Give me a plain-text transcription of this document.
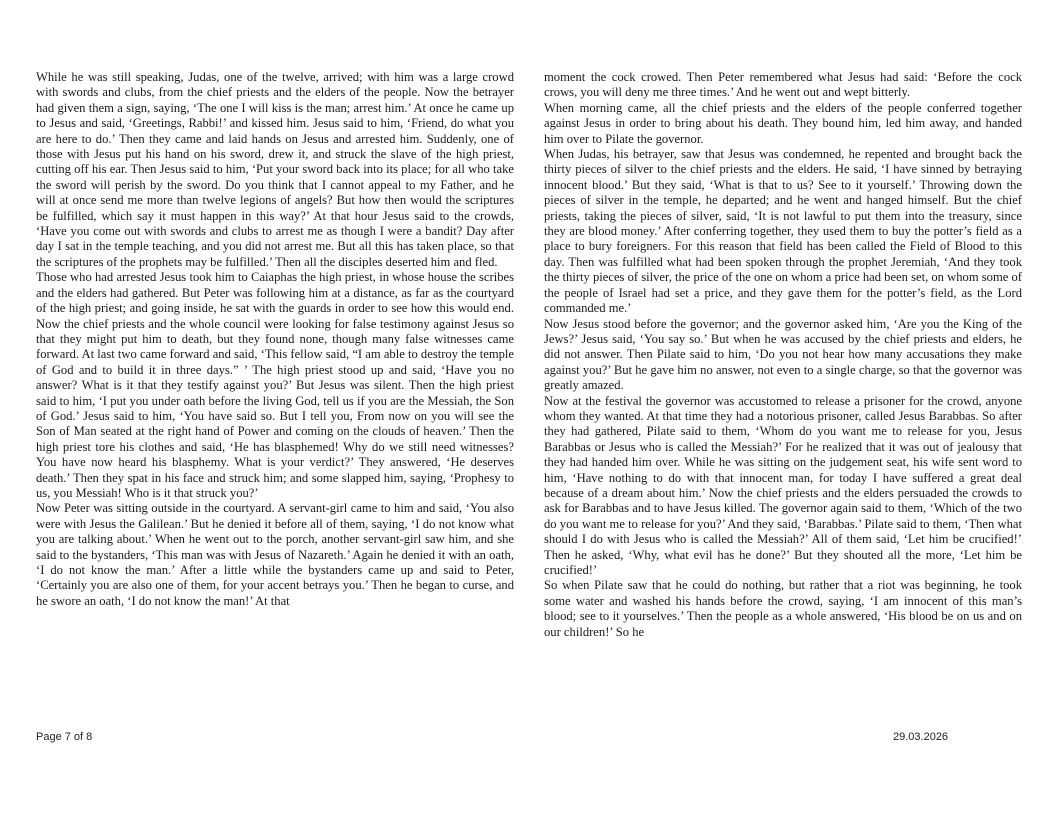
While he was still speaking, Judas, one of the twelve, arrived; with him was a large crowd with swords and clubs, from the chief priests and the elders of the people. Now the betrayer had given them a sign, saying, ‘The one I will kiss is the man; arrest him.’ At once he came up to Jesus and said, ‘Greetings, Rabbi!’ and kissed him. Jesus said to him, ‘Friend, do what you are here to do.’ Then they came and laid hands on Jesus and arrested him. Suddenly, one of those with Jesus put his hand on his sword, drew it, and struck the slave of the high priest, cutting off his ear. Then Jesus said to him, ‘Put your sword back into its place; for all who take the sword will perish by the sword. Do you think that I cannot appeal to my Father, and he will at once send me more than twelve legions of angels? But how then would the scriptures be fulfilled, which say it must happen in this way?’ At that hour Jesus said to the crowds, ‘Have you come out with swords and clubs to arrest me as though I were a bandit? Day after day I sat in the temple teaching, and you did not arrest me. But all this has taken place, so that the scriptures of the prophets may be fulfilled.’ Then all the disciples deserted him and fled.

Those who had arrested Jesus took him to Caiaphas the high priest, in whose house the scribes and the elders had gathered. But Peter was following him at a distance, as far as the courtyard of the high priest; and going inside, he sat with the guards in order to see how this would end. Now the chief priests and the whole council were looking for false testimony against Jesus so that they might put him to death, but they found none, though many false witnesses came forward. At last two came forward and said, ‘This fellow said, “I am able to destroy the temple of God and to build it in three days.” ’ The high priest stood up and said, ‘Have you no answer? What is it that they testify against you?’ But Jesus was silent. Then the high priest said to him, ‘I put you under oath before the living God, tell us if you are the Messiah, the Son of God.’ Jesus said to him, ‘You have said so. But I tell you, From now on you will see the Son of Man seated at the right hand of Power and coming on the clouds of heaven.’ Then the high priest tore his clothes and said, ‘He has blasphemed! Why do we still need witnesses? You have now heard his blasphemy. What is your verdict?’ They answered, ‘He deserves death.’ Then they spat in his face and struck him; and some slapped him, saying, ‘Prophesy to us, you Messiah! Who is it that struck you?’

Now Peter was sitting outside in the courtyard. A servant-girl came to him and said, ‘You also were with Jesus the Galilean.’ But he denied it before all of them, saying, ‘I do not know what you are talking about.’ When he went out to the porch, another servant-girl saw him, and she said to the bystanders, ‘This man was with Jesus of Nazareth.’ Again he denied it with an oath, ‘I do not know the man.’ After a little while the bystanders came up and said to Peter, ‘Certainly you are also one of them, for your accent betrays you.’ Then he began to curse, and he swore an oath, ‘I do not know the man!’ At that

moment the cock crowed. Then Peter remembered what Jesus had said: ‘Before the cock crows, you will deny me three times.’ And he went out and wept bitterly.

When morning came, all the chief priests and the elders of the people conferred together against Jesus in order to bring about his death. They bound him, led him away, and handed him over to Pilate the governor.

When Judas, his betrayer, saw that Jesus was condemned, he repented and brought back the thirty pieces of silver to the chief priests and the elders. He said, ‘I have sinned by betraying innocent blood.’ But they said, ‘What is that to us? See to it yourself.’ Throwing down the pieces of silver in the temple, he departed; and he went and hanged himself. But the chief priests, taking the pieces of silver, said, ‘It is not lawful to put them into the treasury, since they are blood money.’ After conferring together, they used them to buy the potter’s field as a place to bury foreigners. For this reason that field has been called the Field of Blood to this day. Then was fulfilled what had been spoken through the prophet Jeremiah, ‘And they took the thirty pieces of silver, the price of the one on whom a price had been set, on whom some of the people of Israel had set a price, and they gave them for the potter’s field, as the Lord commanded me.’

Now Jesus stood before the governor; and the governor asked him, ‘Are you the King of the Jews?’ Jesus said, ‘You say so.’ But when he was accused by the chief priests and elders, he did not answer. Then Pilate said to him, ‘Do you not hear how many accusations they make against you?’ But he gave him no answer, not even to a single charge, so that the governor was greatly amazed.

Now at the festival the governor was accustomed to release a prisoner for the crowd, anyone whom they wanted. At that time they had a notorious prisoner, called Jesus Barabbas. So after they had gathered, Pilate said to them, ‘Whom do you want me to release for you, Jesus Barabbas or Jesus who is called the Messiah?’ For he realized that it was out of jealousy that they had handed him over. While he was sitting on the judgement seat, his wife sent word to him, ‘Have nothing to do with that innocent man, for today I have suffered a great deal because of a dream about him.’ Now the chief priests and the elders persuaded the crowds to ask for Barabbas and to have Jesus killed. The governor again said to them, ‘Which of the two do you want me to release for you?’ And they said, ‘Barabbas.’ Pilate said to them, ‘Then what should I do with Jesus who is called the Messiah?’ All of them said, ‘Let him be crucified!’ Then he asked, ‘Why, what evil has he done?’ But they shouted all the more, ‘Let him be crucified!’

So when Pilate saw that he could do nothing, but rather that a riot was beginning, he took some water and washed his hands before the crowd, saying, ‘I am innocent of this man’s blood; see to it yourselves.’ Then the people as a whole answered, ‘His blood be on us and on our children!’ So he

Page 7 of 8	29.03.2026
